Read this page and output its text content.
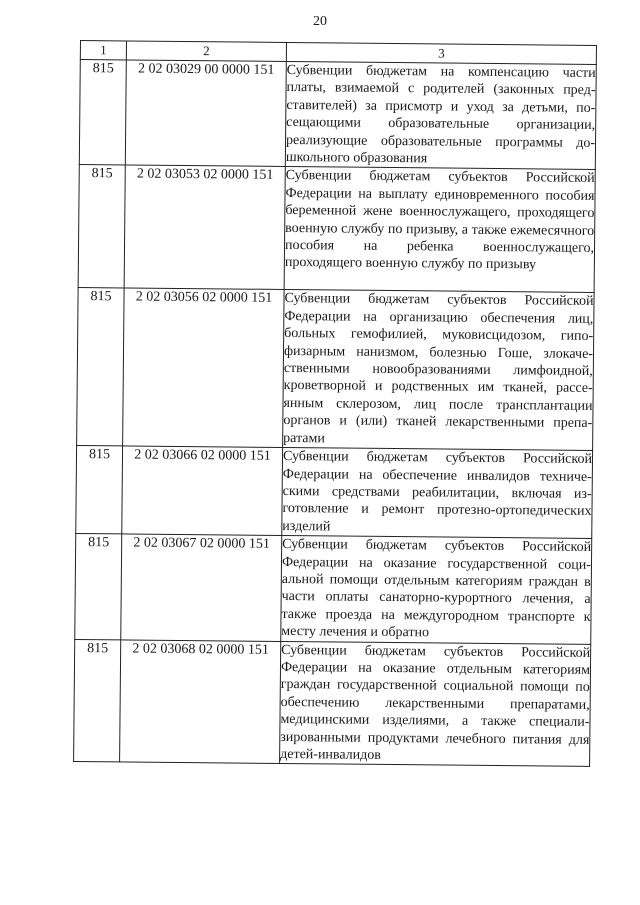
20
1	2	3
815	2 02 03029 00 0000 151	Субвенции бюджетам на компенсацию части платы, взимаемой с родителей (законных представителей) за присмотр и уход за детьми, посещающими образовательные организации, реализующие образовательные программы дошкольного образования
815	2 02 03053 02 0000 151	Субвенции бюджетам субъектов Российской Федерации на выплату единовременного пособия беременной жене военнослужащего, проходящего военную службу по призыву, а также ежемесячного пособия на ребенка военнослужащего, проходящего военную службу по призыву
815	2 02 03056 02 0000 151	Субвенции бюджетам субъектов Российской Федерации на организацию обеспечения лиц, больных гемофилией, муковисцидозом, гипофизарным нанизмом, болезнью Гоше, злокачественными новообразованиями лимфоидной, кроветворной и родственных им тканей, рассеянным склерозом, лиц после трансплантации органов и (или) тканей лекарственными препаратами
815	2 02 03066 02 0000 151	Субвенции бюджетам субъектов Российской Федерации на обеспечение инвалидов техническими средствами реабилитации, включая изготовление и ремонт протезно-ортопедических изделий
815	2 02 03067 02 0000 151	Субвенции бюджетам субъектов Российской Федерации на оказание государственной социальной помощи отдельным категориям граждан в части оплаты санаторно-курортного лечения, а также проезда на междугородном транспорте к месту лечения и обратно
815	2 02 03068 02 0000 151	Субвенции бюджетам субъектов Российской Федерации на оказание отдельным категориям граждан государственной социальной помощи по обеспечению лекарственными препаратами, медицинскими изделиями, а также специализированными продуктами лечебного питания для детей-инвалидов
